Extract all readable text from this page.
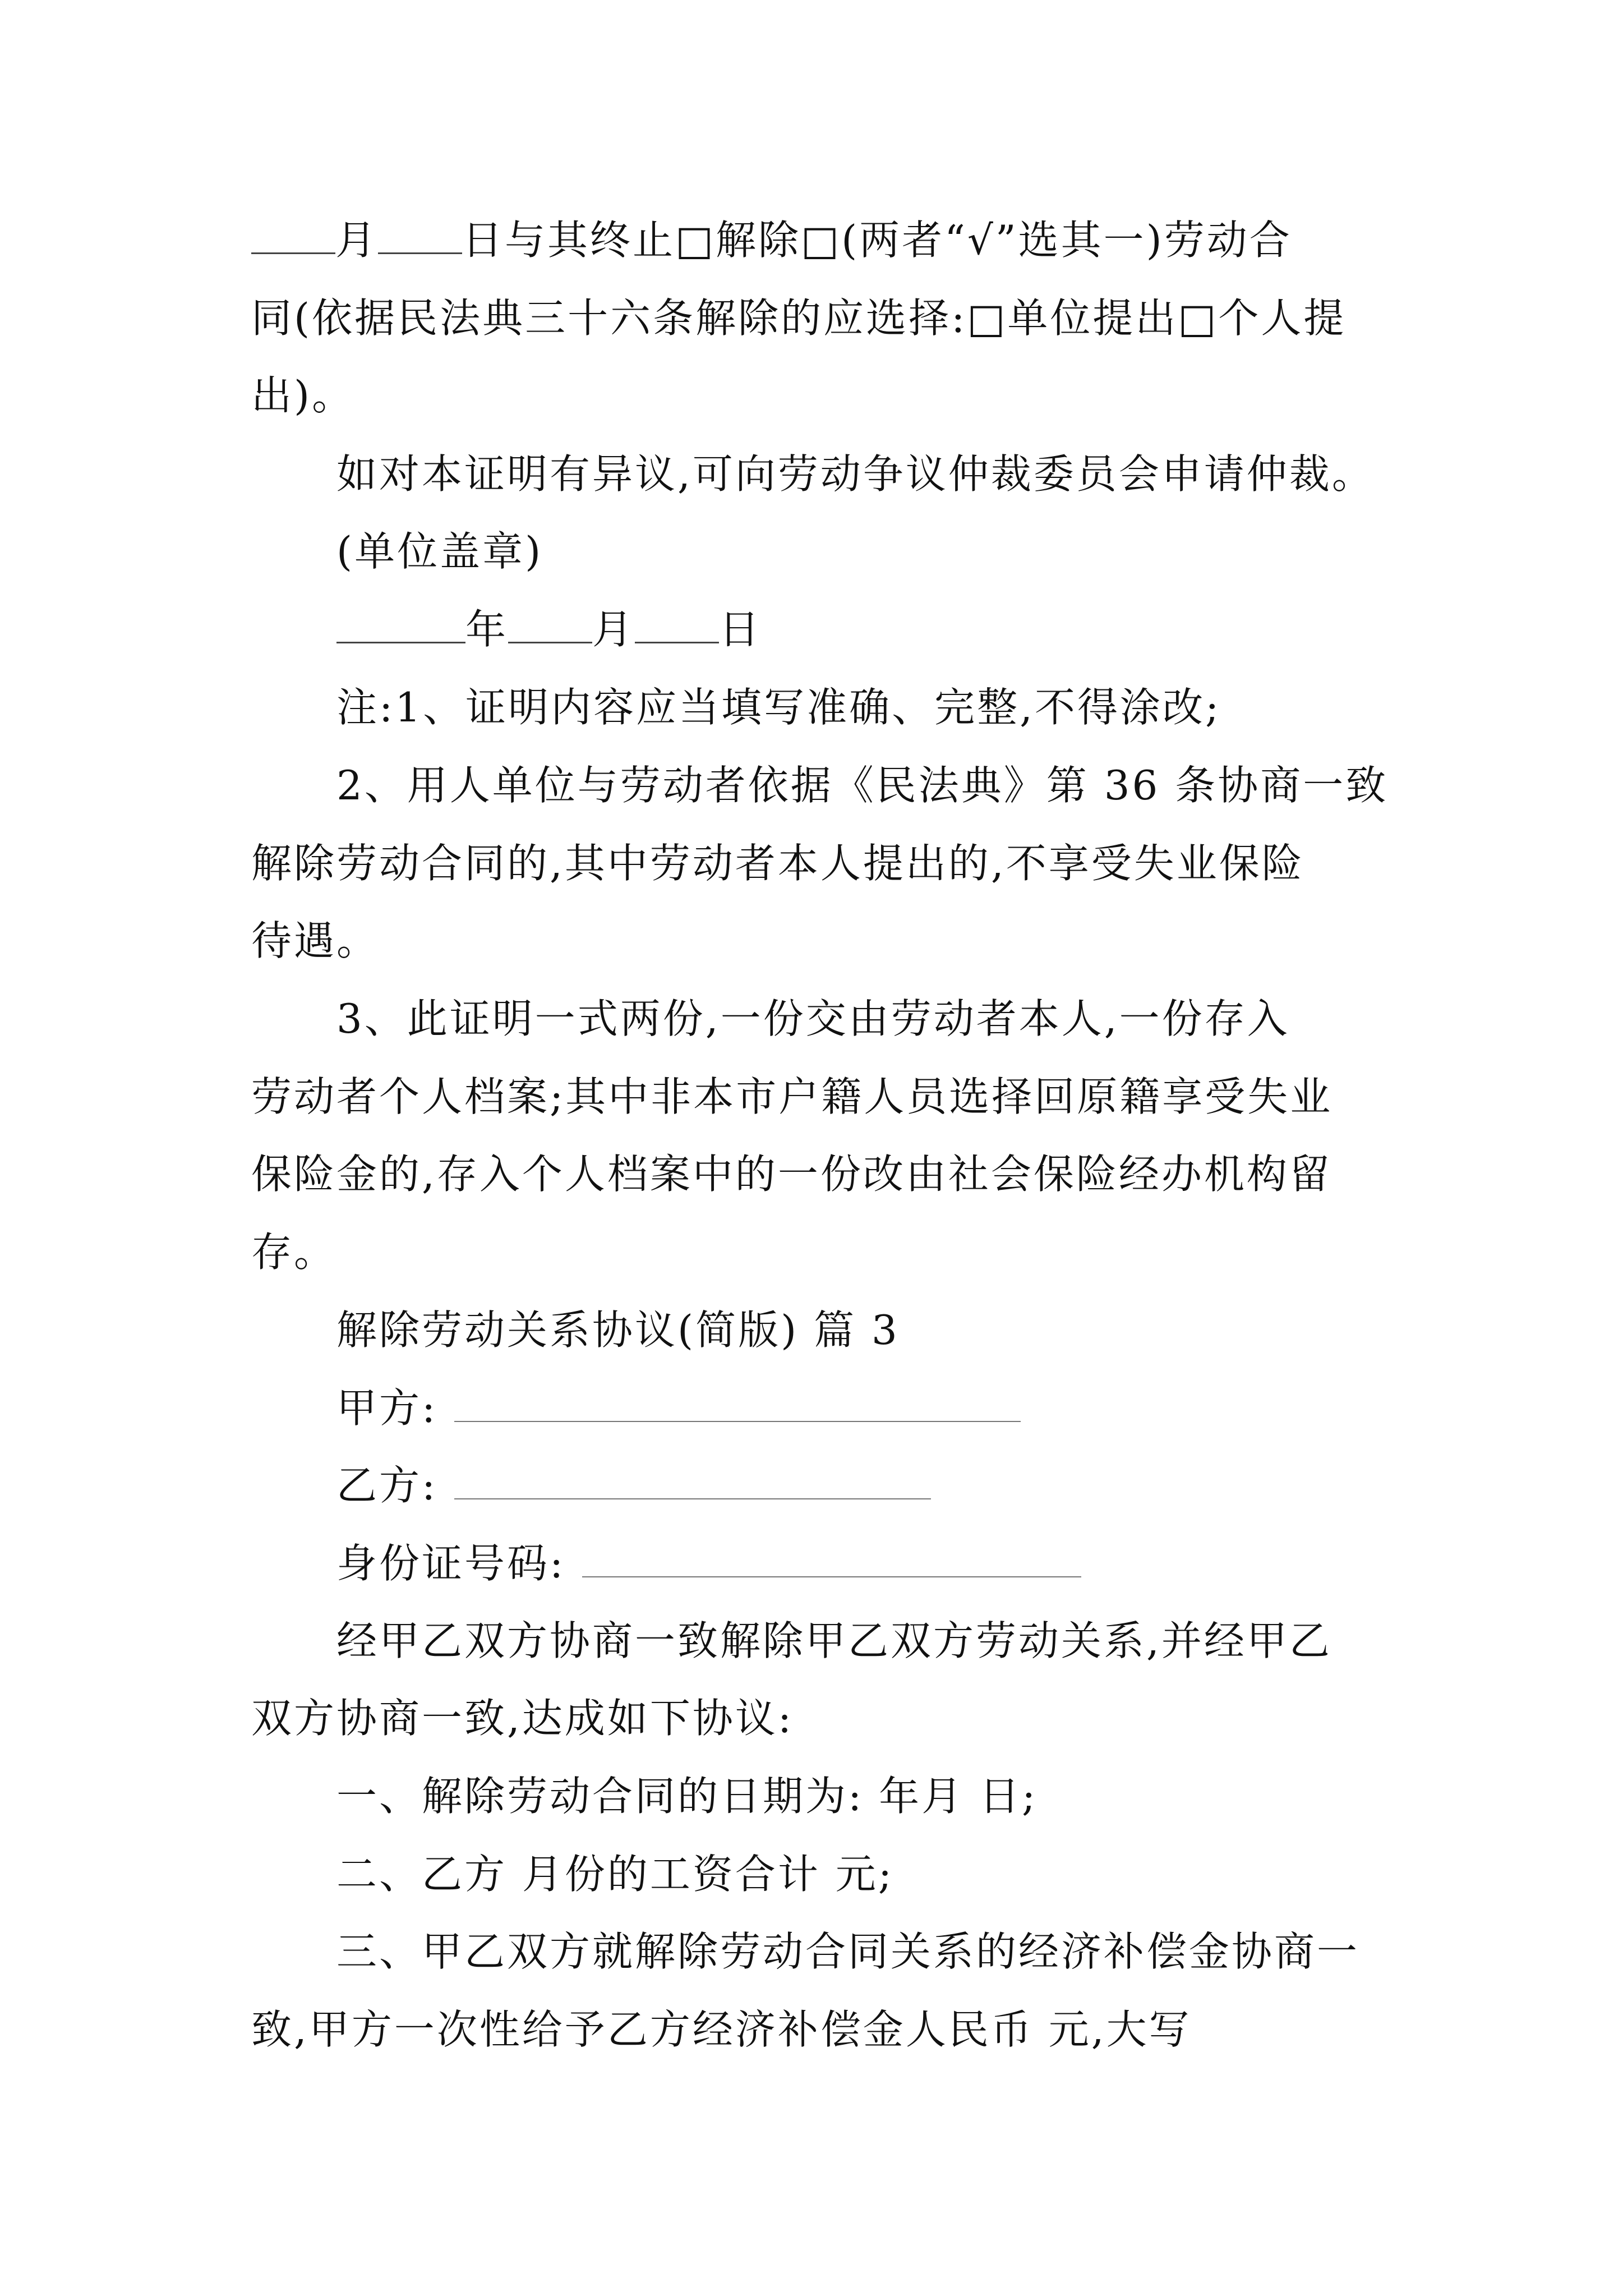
月 日与其终止□解除□(两者“√”选其一)劳动合
同(依据民法典三十六条解除的应选择:□单位提出□个人提
出)。
如对本证明有异议,可向劳动争议仲裁委员会申请仲裁。
(单位盖章)
年 月 日
注:1、证明内容应当填写准确、完整,不得涂改;
2、用人单位与劳动者依据《民法典》第 36 条协商一致
解除劳动合同的,其中劳动者本人提出的,不享受失业保险
待遇。
3、此证明一式两份,一份交由劳动者本人,一份存入
劳动者个人档案;其中非本市户籍人员选择回原籍享受失业
保险金的,存入个人档案中的一份改由社会保险经办机构留
存。
解除劳动关系协议(简版) 篇 3
甲方:
乙方:
身份证号码:
经甲乙双方协商一致解除甲乙双方劳动关系,并经甲乙
双方协商一致,达成如下协议:
一、解除劳动合同的日期为: 年月 日;
二、乙方 月份的工资合计 元;
三、甲乙双方就解除劳动合同关系的经济补偿金协商一
致,甲方一次性给予乙方经济补偿金人民币 元,大写
